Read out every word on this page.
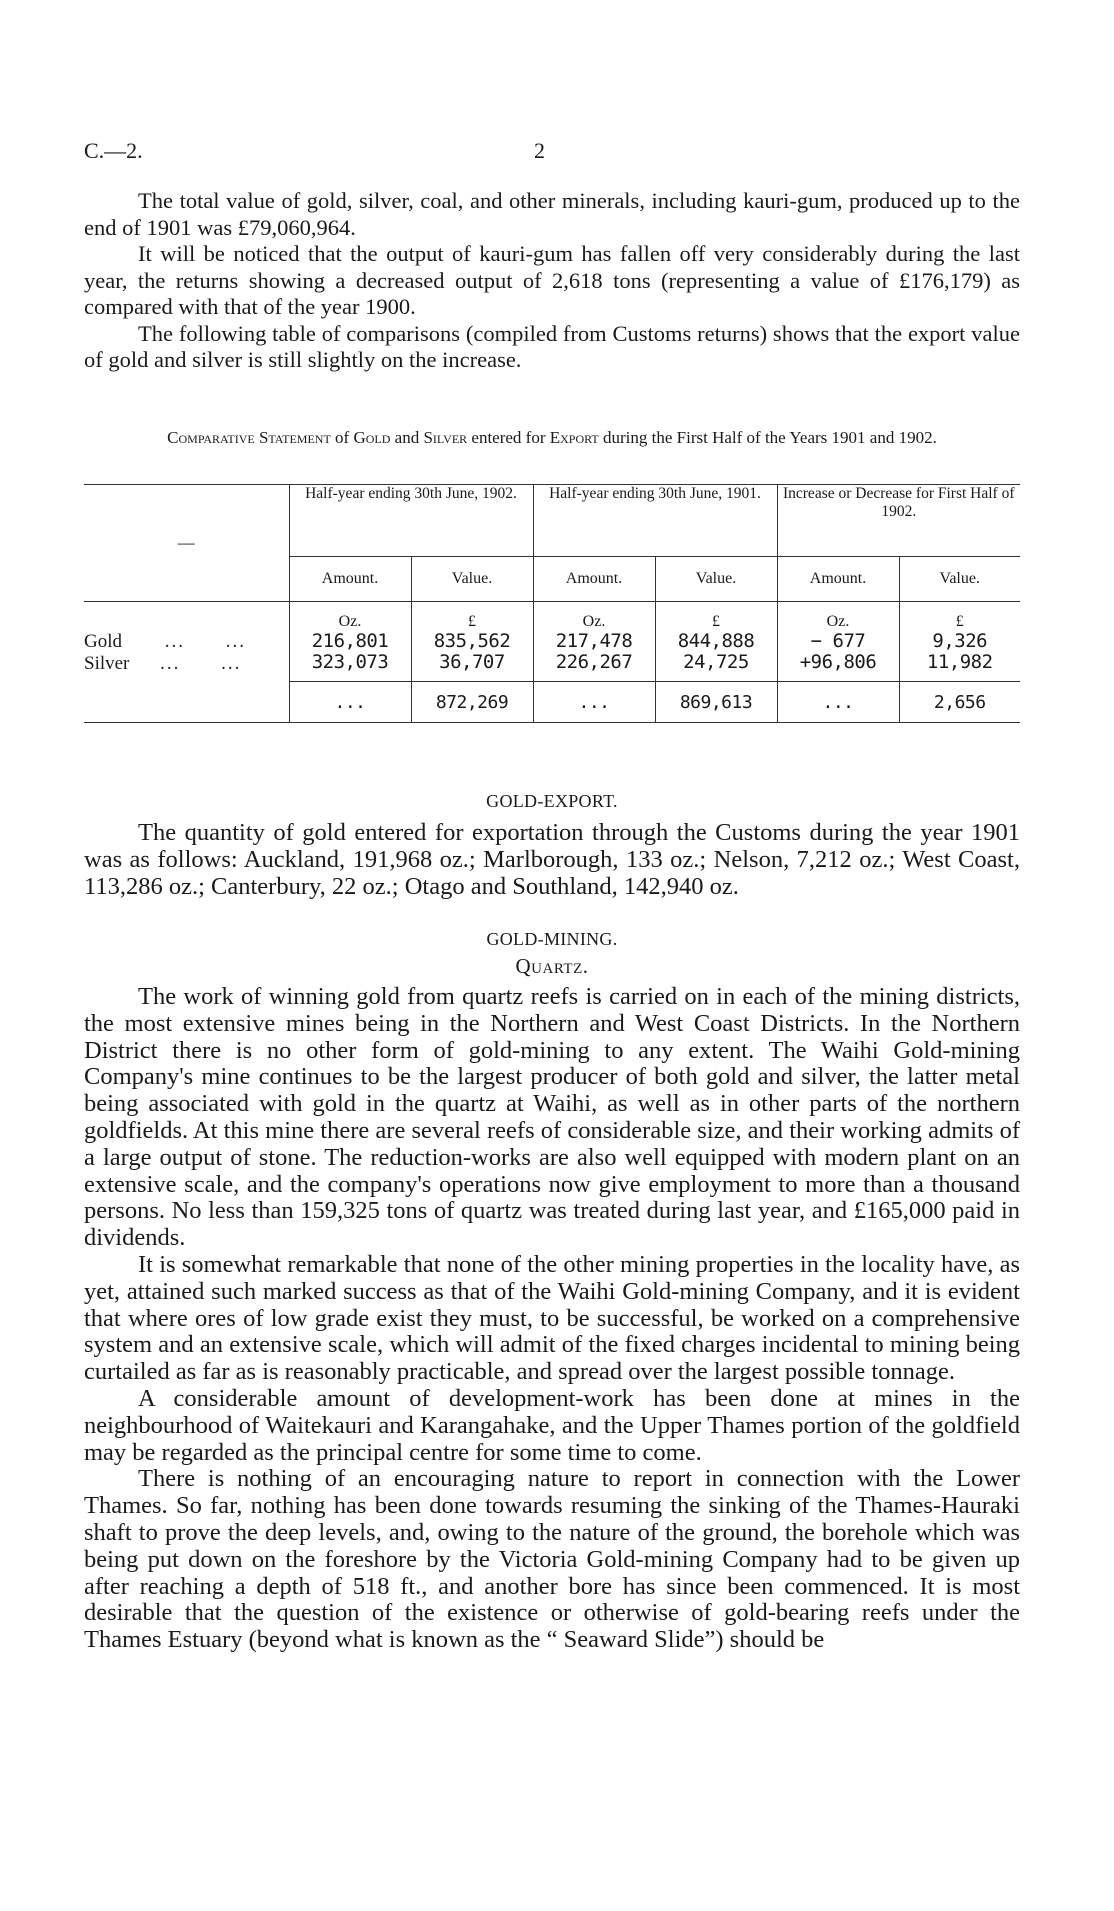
C.—2.	2

The total value of gold, silver, coal, and other minerals, including kauri-gum, produced up to the end of 1901 was £79,060,964.

It will be noticed that the output of kauri-gum has fallen off very considerably during the last year, the returns showing a decreased output of 2,618 tons (representing a value of £176,179) as compared with that of the year 1900.

The following table of comparisons (compiled from Customs returns) shows that the export value of gold and silver is still slightly on the increase.

Comparative Statement of Gold and Silver entered for Export during the First Half of the Years 1901 and 1902.
—	Half-year ending 30th June, 1902.		Half-year ending 30th June, 1901.		Increase or Decrease for First Half of 1902.	
	Amount.	Value.	Amount.	Value.	Amount.	Value.
	Oz.	£	Oz.	£	Oz.	£
Gold ... ...	216,801	835,562	217,478	844,888	− 677	9,326
Silver ... ...	323,073	36,707	226,267	24,725	+96,806	11,982
	...	872,269	...	869,613	...	2,656
GOLD-EXPORT.

The quantity of gold entered for exportation through the Customs during the year 1901 was as follows: Auckland, 191,968 oz.; Marlborough, 133 oz.; Nelson, 7,212 oz.; West Coast, 113,286 oz.; Canterbury, 22 oz.; Otago and Southland, 142,940 oz.

GOLD-MINING.
Quartz.

The work of winning gold from quartz reefs is carried on in each of the mining districts, the most extensive mines being in the Northern and West Coast Districts. In the Northern District there is no other form of gold-mining to any extent. The Waihi Gold-mining Company's mine continues to be the largest producer of both gold and silver, the latter metal being associated with gold in the quartz at Waihi, as well as in other parts of the northern goldfields. At this mine there are several reefs of considerable size, and their working admits of a large output of stone. The reduction-works are also well equipped with modern plant on an extensive scale, and the company's operations now give employment to more than a thousand persons. No less than 159,325 tons of quartz was treated during last year, and £165,000 paid in dividends.

It is somewhat remarkable that none of the other mining properties in the locality have, as yet, attained such marked success as that of the Waihi Gold-mining Company, and it is evident that where ores of low grade exist they must, to be successful, be worked on a comprehensive system and an extensive scale, which will admit of the fixed charges incidental to mining being curtailed as far as is reasonably practicable, and spread over the largest possible tonnage.

A considerable amount of development-work has been done at mines in the neighbourhood of Waitekauri and Karangahake, and the Upper Thames portion of the goldfield may be regarded as the principal centre for some time to come.

There is nothing of an encouraging nature to report in connection with the Lower Thames. So far, nothing has been done towards resuming the sinking of the Thames-Hauraki shaft to prove the deep levels, and, owing to the nature of the ground, the borehole which was being put down on the foreshore by the Victoria Gold-mining Company had to be given up after reaching a depth of 518 ft., and another bore has since been commenced. It is most desirable that the question of the existence or otherwise of gold-bearing reefs under the Thames Estuary (beyond what is known as the “ Seaward Slide”) should be
